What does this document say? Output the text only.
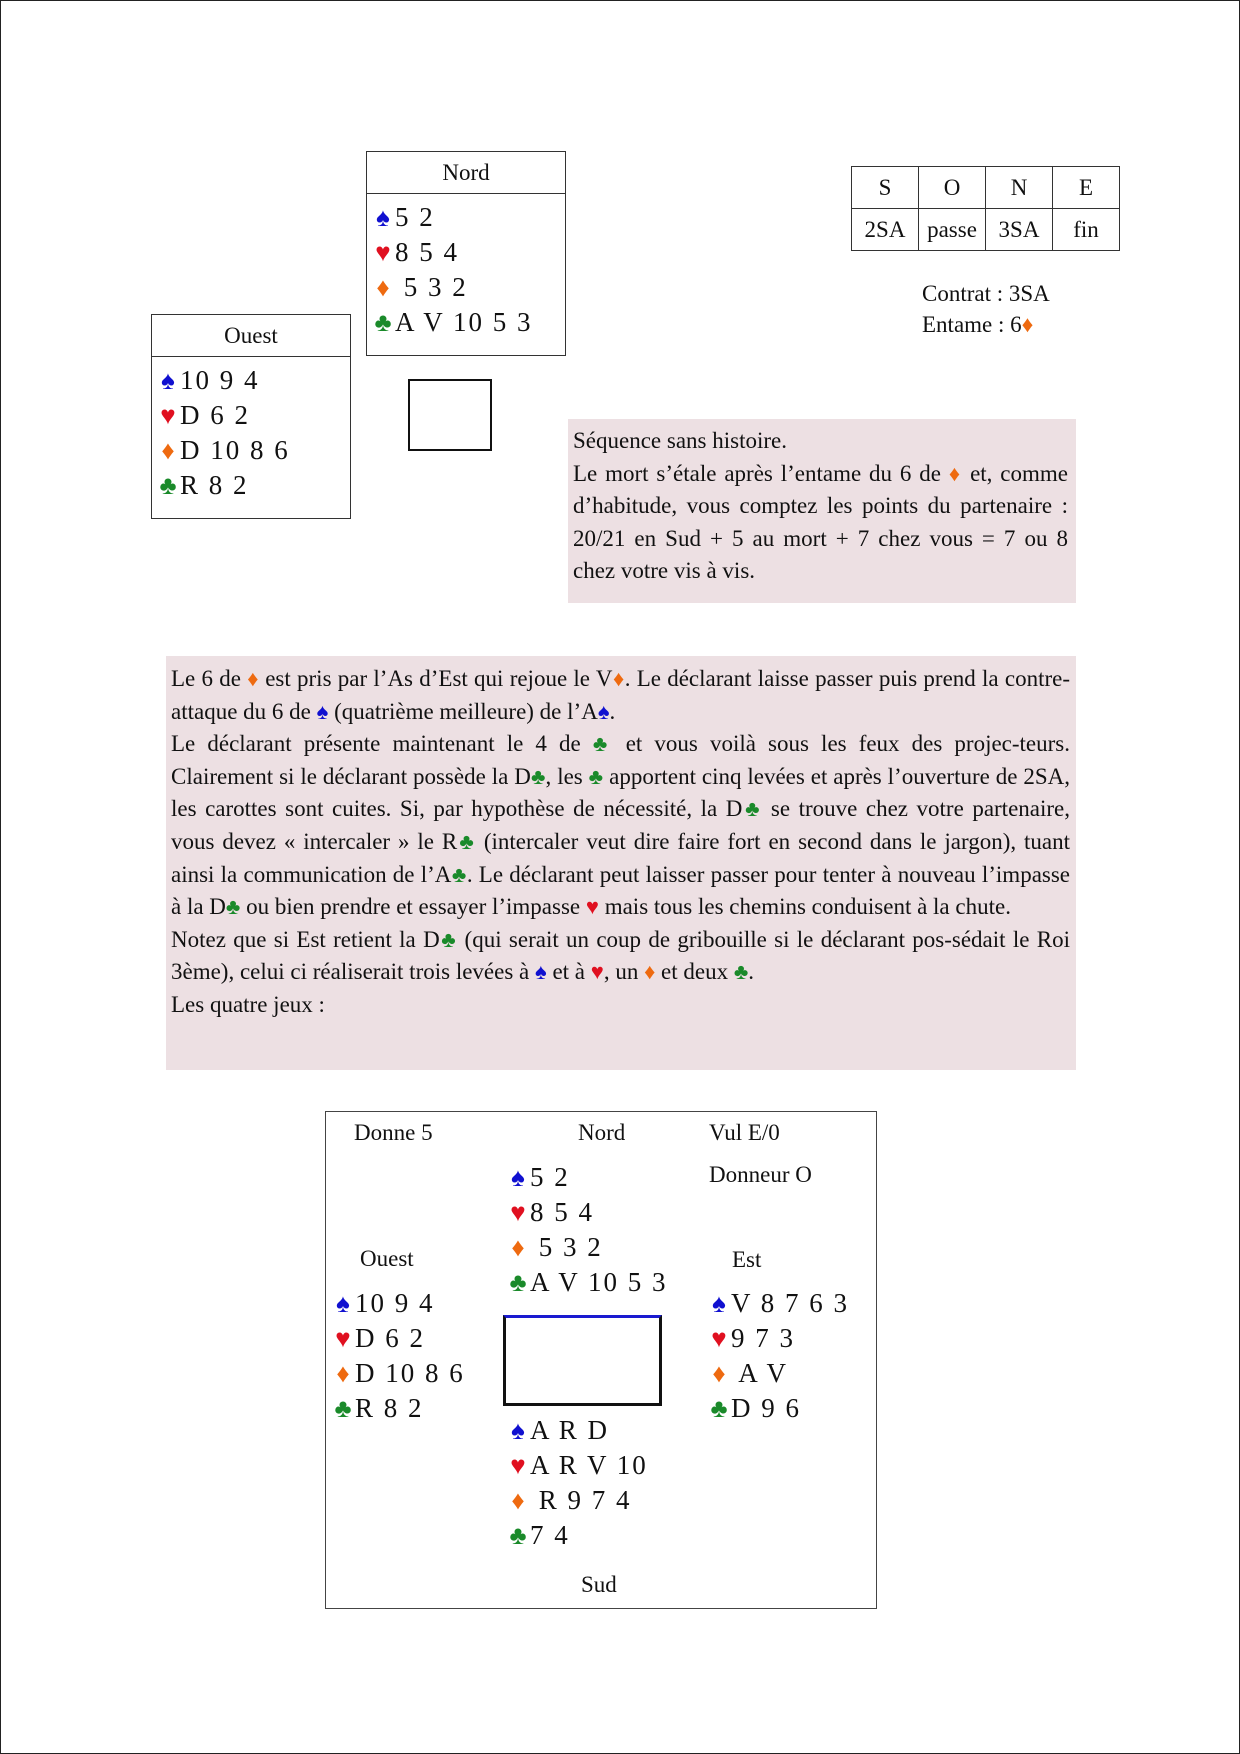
Nord
♠ 5 2
♥ 8 5 4
♦ 5 3 2
♣ A V 10 5 3
Ouest
♠ 10 9 4
♥ D 6 2
♦ D 10 8 6
♣ R 8 2
S	O	N	E
2SA	passe	3SA	fin
Contrat : 3SA
Entame : 6♦

Séquence sans histoire.

Le mort s’étale après l’entame du 6 de ♦ et, comme d’habitude, vous comptez les points du partenaire : 20/21 en Sud + 5 au mort + 7 chez vous = 7 ou 8 chez votre vis à vis.

Le 6 de ♦ est pris par l’As d’Est qui rejoue le V♦. Le déclarant laisse passer puis prend la contre-attaque du 6 de ♠ (quatrième meilleure) de l’A♠.

Le déclarant présente maintenant le 4 de ♣ et vous voilà sous les feux des projec-teurs. Clairement si le déclarant possède la D♣, les ♣ apportent cinq levées et après l’ouverture de 2SA, les carottes sont cuites. Si, par hypothèse de nécessité, la D♣ se trouve chez votre partenaire, vous devez « intercaler » le R♣ (intercaler veut dire faire fort en second dans le jargon), tuant ainsi la communication de l’A♣. Le déclarant peut laisser passer pour tenter à nouveau l’impasse à la D♣ ou bien prendre et essayer l’impasse ♥ mais tous les chemins conduisent à la chute.

Notez que si Est retient la D♣ (qui serait un coup de gribouille si le déclarant pos-sédait le Roi 3ème), celui ci réaliserait trois levées à ♠ et à ♥, un ♦ et deux ♣.

Les quatre jeux :

Donne 5	Nord	Vul E/0
Donneur O
Ouest	Est
Sud
♠ 5 2
♥ 8 5 4
♦ 5 3 2
♣ A V 10 5 3
♠ 10 9 4
♥ D 6 2
♦ D 10 8 6
♣ R 8 2
♠ V 8 7 6 3
♥ 9 7 3
♦ A V
♣ D 9 6
♠ A R D
♥ A R V 10
♦ R 9 7 4
♣ 7 4
